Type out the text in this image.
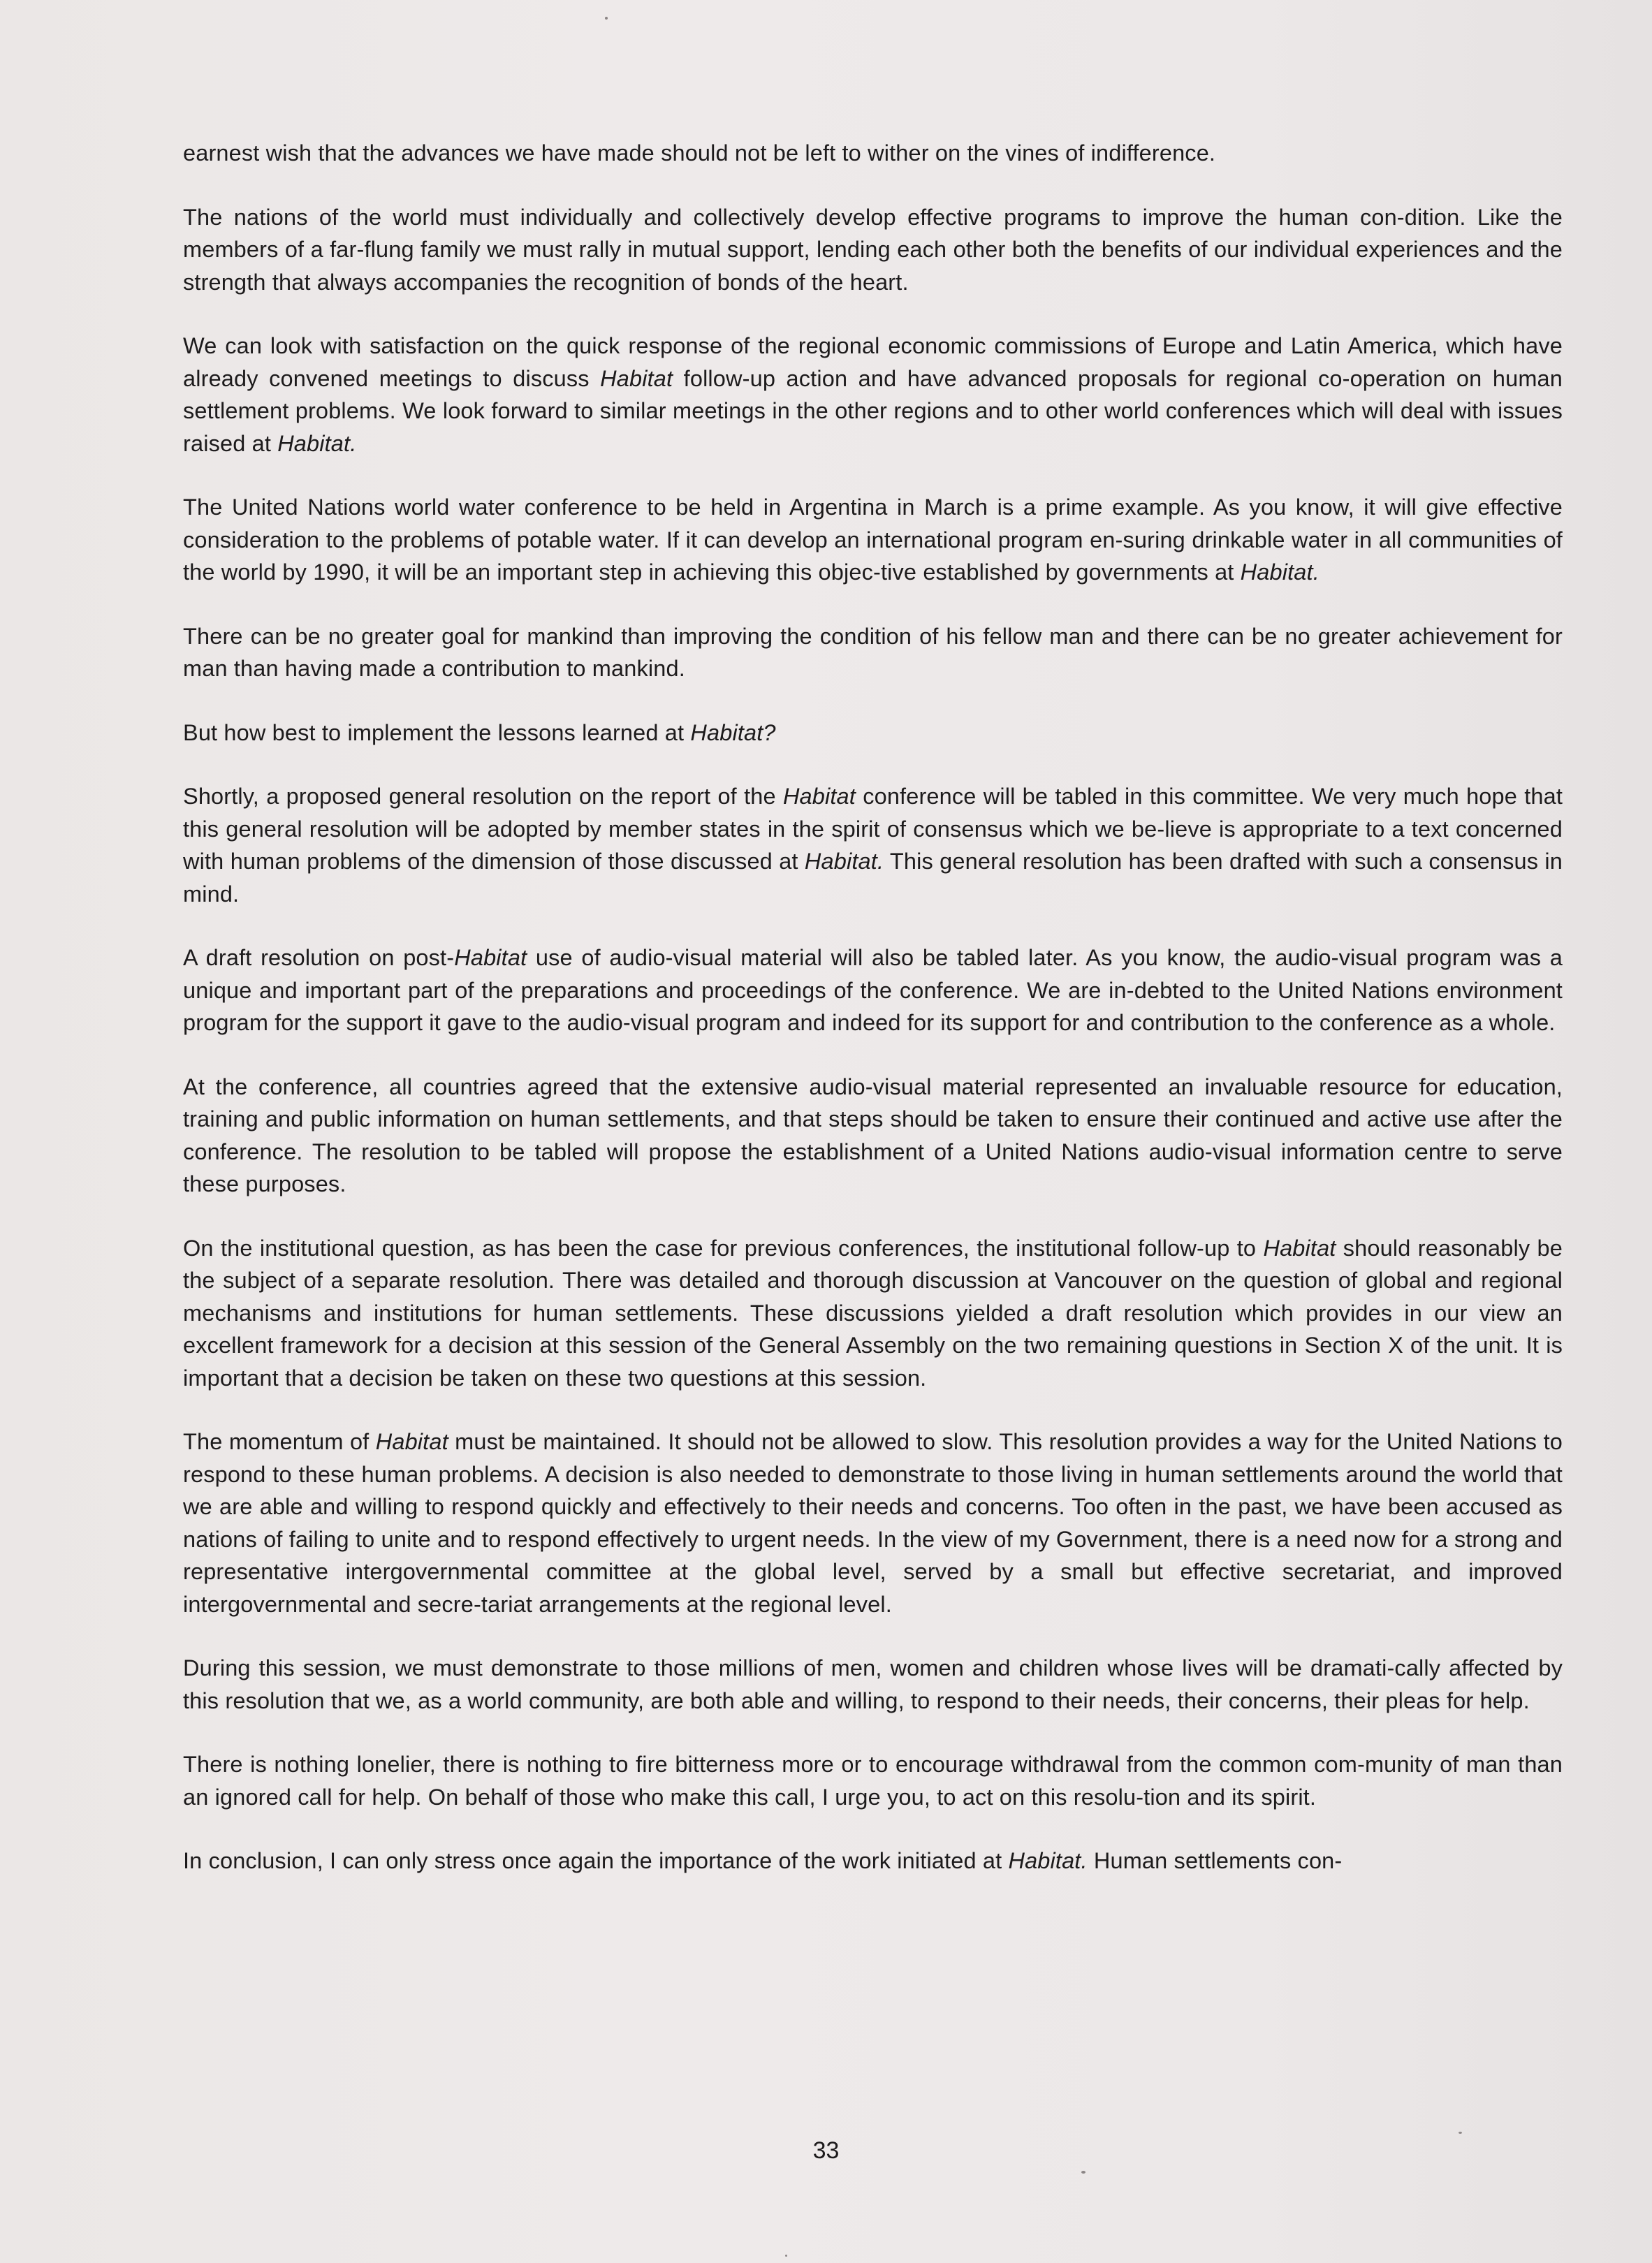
earnest wish that the advances we have made should not be left to wither on the vines of indifference.

The nations of the world must individually and collectively develop effective programs to improve the human con-dition. Like the members of a far-flung family we must rally in mutual support, lending each other both the benefits of our individual experiences and the strength that always accompanies the recognition of bonds of the heart.

We can look with satisfaction on the quick response of the regional economic commissions of Europe and Latin America, which have already convened meetings to discuss Habitat follow-up action and have advanced proposals for regional co-operation on human settlement problems. We look forward to similar meetings in the other regions and to other world conferences which will deal with issues raised at Habitat.

The United Nations world water conference to be held in Argentina in March is a prime example. As you know, it will give effective consideration to the problems of potable water. If it can develop an international program en-suring drinkable water in all communities of the world by 1990, it will be an important step in achieving this objec-tive established by governments at Habitat.

There can be no greater goal for mankind than improving the condition of his fellow man and there can be no greater achievement for man than having made a contribution to mankind.

But how best to implement the lessons learned at Habitat?

Shortly, a proposed general resolution on the report of the Habitat conference will be tabled in this committee. We very much hope that this general resolution will be adopted by member states in the spirit of consensus which we be-lieve is appropriate to a text concerned with human problems of the dimension of those discussed at Habitat. This general resolution has been drafted with such a consensus in mind.

A draft resolution on post-Habitat use of audio-visual material will also be tabled later. As you know, the audio-visual program was a unique and important part of the preparations and proceedings of the conference. We are in-debted to the United Nations environment program for the support it gave to the audio-visual program and indeed for its support for and contribution to the conference as a whole.

At the conference, all countries agreed that the extensive audio-visual material represented an invaluable resource for education, training and public information on human settlements, and that steps should be taken to ensure their continued and active use after the conference. The resolution to be tabled will propose the establishment of a United Nations audio-visual information centre to serve these purposes.

On the institutional question, as has been the case for previous conferences, the institutional follow-up to Habitat should reasonably be the subject of a separate resolution. There was detailed and thorough discussion at Vancouver on the question of global and regional mechanisms and institutions for human settlements. These discussions yielded a draft resolution which provides in our view an excellent framework for a decision at this session of the General Assembly on the two remaining questions in Section X of the unit. It is important that a decision be taken on these two questions at this session.

The momentum of Habitat must be maintained. It should not be allowed to slow. This resolution provides a way for the United Nations to respond to these human problems. A decision is also needed to demonstrate to those living in human settlements around the world that we are able and willing to respond quickly and effectively to their needs and concerns. Too often in the past, we have been accused as nations of failing to unite and to respond effectively to urgent needs. In the view of my Government, there is a need now for a strong and representative intergovernmental committee at the global level, served by a small but effective secretariat, and improved intergovernmental and secre-tariat arrangements at the regional level.

During this session, we must demonstrate to those millions of men, women and children whose lives will be dramati-cally affected by this resolution that we, as a world community, are both able and willing, to respond to their needs, their concerns, their pleas for help.

There is nothing lonelier, there is nothing to fire bitterness more or to encourage withdrawal from the common com-munity of man than an ignored call for help. On behalf of those who make this call, I urge you, to act on this resolu-tion and its spirit.

In conclusion, I can only stress once again the importance of the work initiated at Habitat. Human settlements con-

33
